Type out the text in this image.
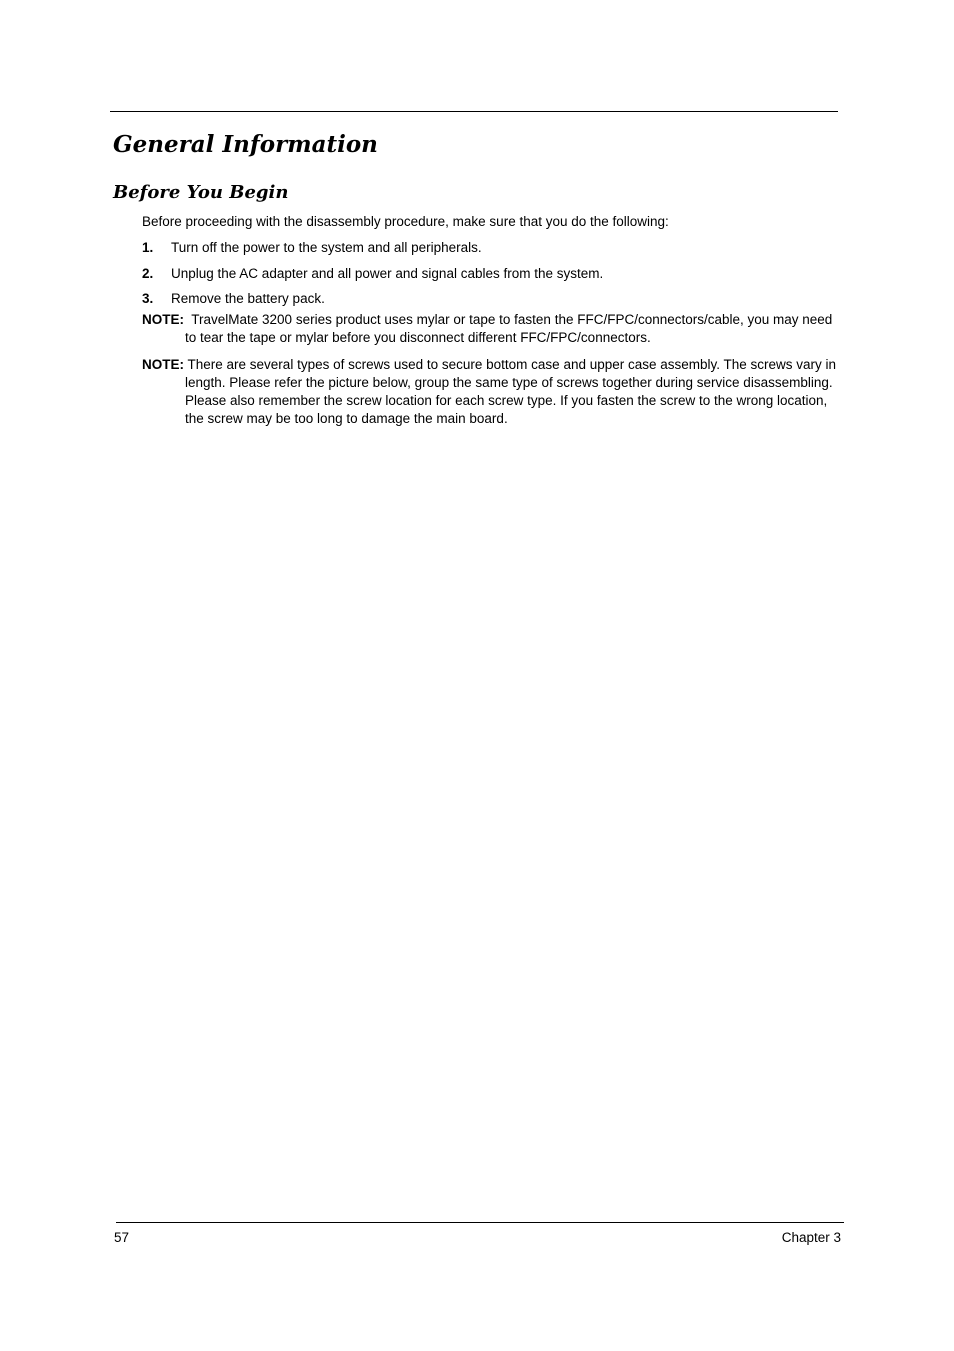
General Information
Before You Begin
Before proceeding with the disassembly procedure, make sure that you do the following:
1. Turn off the power to the system and all peripherals.
2. Unplug the AC adapter and all power and signal cables from the system.
3. Remove the battery pack.
NOTE: TravelMate 3200 series product uses mylar or tape to fasten the FFC/FPC/connectors/cable, you may need to tear the tape or mylar before you disconnect different FFC/FPC/connectors.
NOTE: There are several types of screws used to secure bottom case and upper case assembly. The screws vary in length. Please refer the picture below, group the same type of screws together during service disassembling. Please also remember the screw location for each screw type. If you fasten the screw to the wrong location, the screw may be too long to damage the main board.
57	Chapter 3
